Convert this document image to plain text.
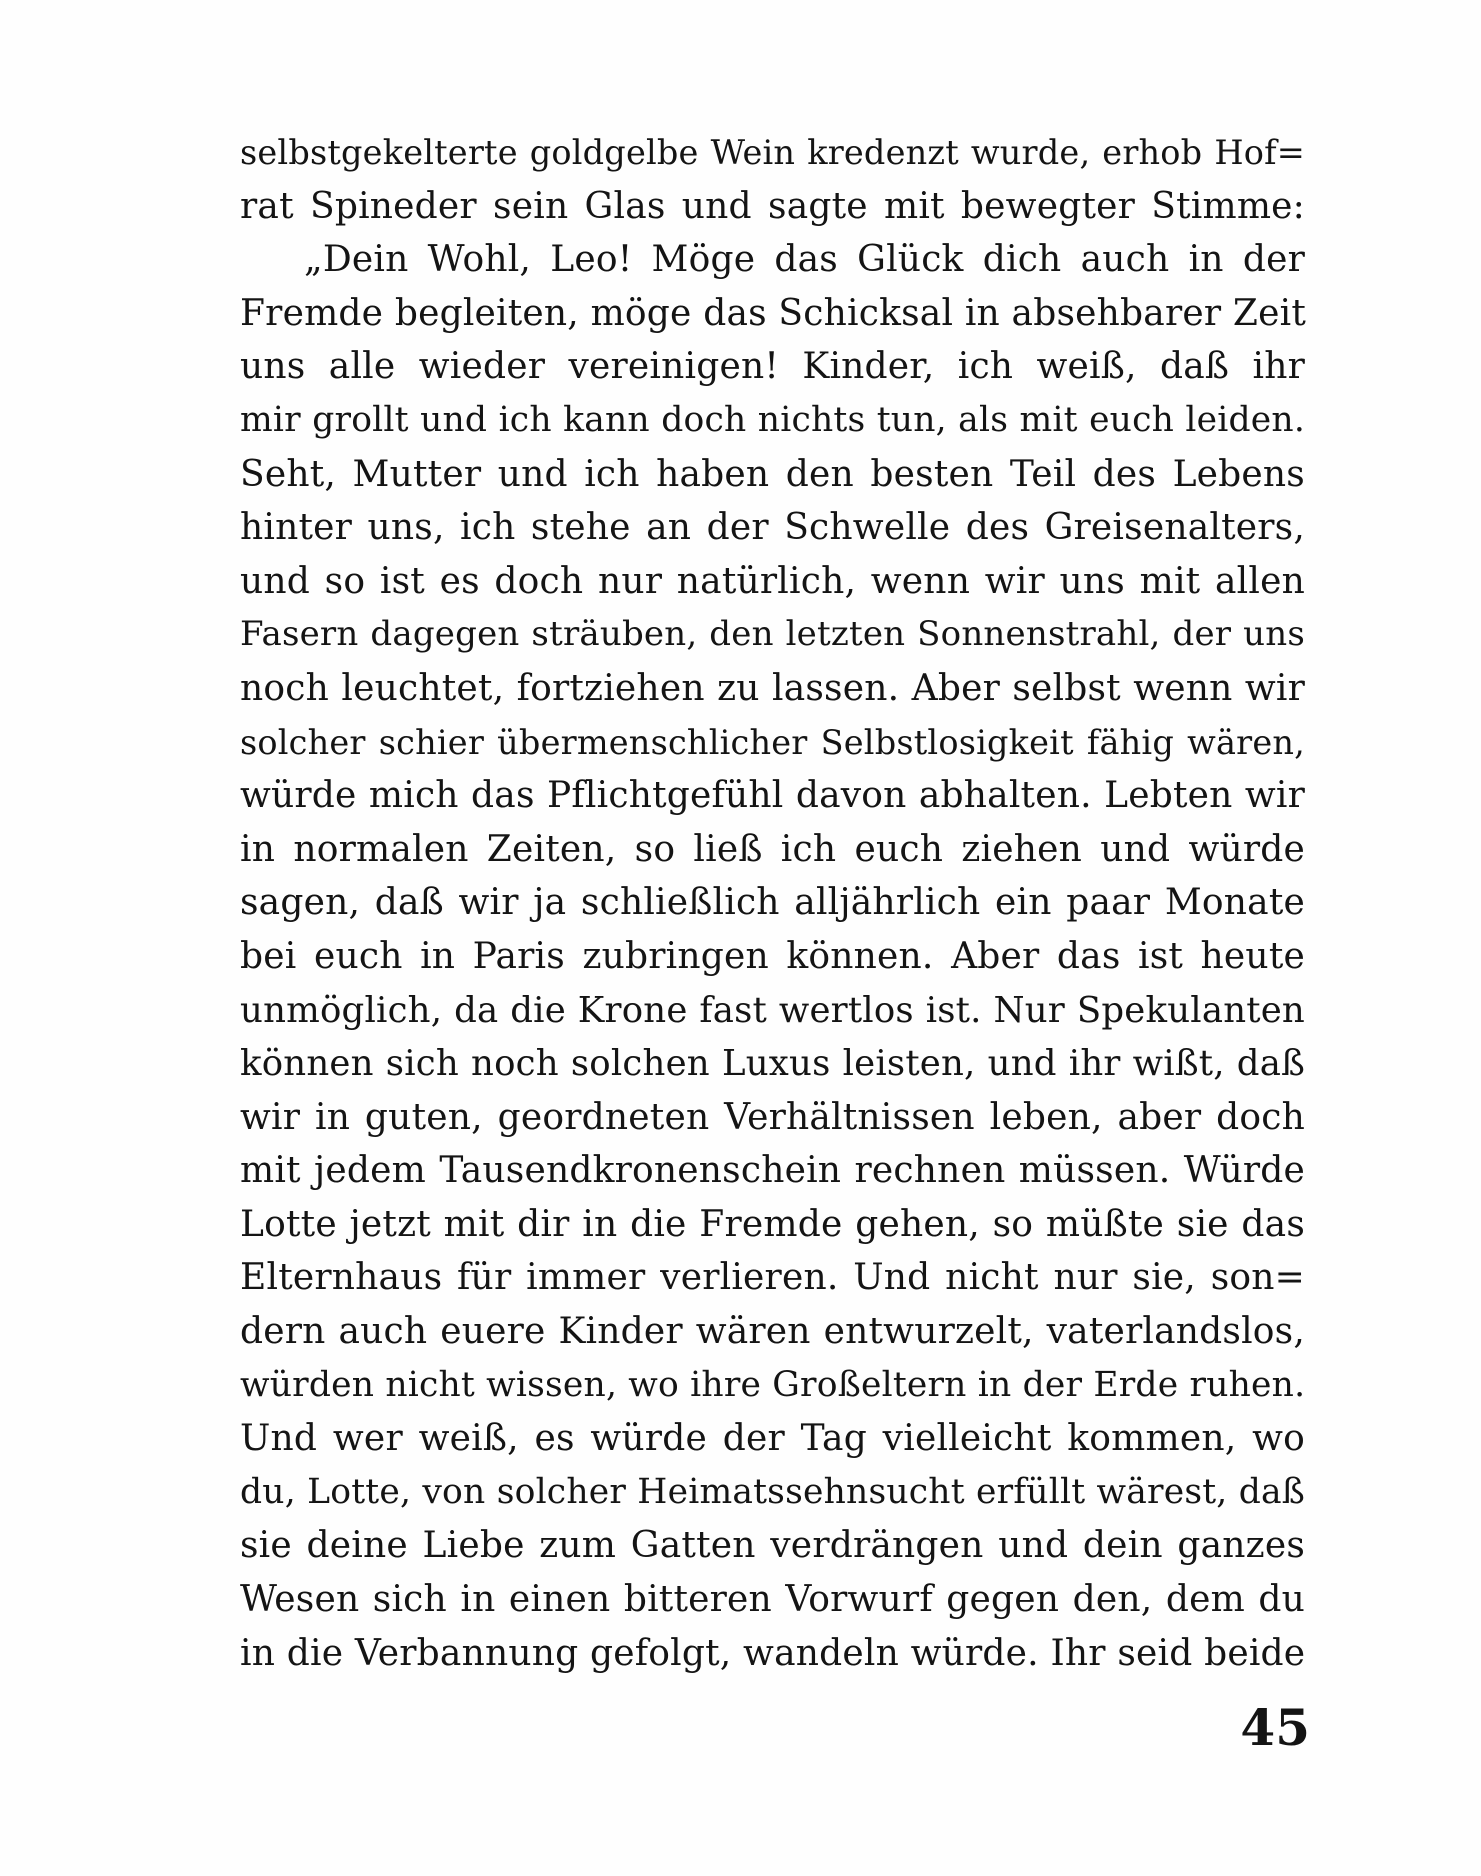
selbstgekelterte goldgelbe Wein kredenzt wurde, erhob Hof=
rat Spineder sein Glas und sagte mit bewegter Stimme:
„Dein Wohl, Leo! Möge das Glück dich auch in der
Fremde begleiten, möge das Schicksal in absehbarer Zeit
uns alle wieder vereinigen! Kinder, ich weiß, daß ihr
mir grollt und ich kann doch nichts tun, als mit euch leiden.
Seht, Mutter und ich haben den besten Teil des Lebens
hinter uns, ich stehe an der Schwelle des Greisenalters,
und so ist es doch nur natürlich, wenn wir uns mit allen
Fasern dagegen sträuben, den letzten Sonnenstrahl, der uns
noch leuchtet, fortziehen zu lassen. Aber selbst wenn wir
solcher schier übermenschlicher Selbstlosigkeit fähig wären,
würde mich das Pflichtgefühl davon abhalten. Lebten wir
in normalen Zeiten, so ließ ich euch ziehen und würde
sagen, daß wir ja schließlich alljährlich ein paar Monate
bei euch in Paris zubringen können. Aber das ist heute
unmöglich, da die Krone fast wertlos ist. Nur Spekulanten
können sich noch solchen Luxus leisten, und ihr wißt, daß
wir in guten, geordneten Verhältnissen leben, aber doch
mit jedem Tausendkronenschein rechnen müssen. Würde
Lotte jetzt mit dir in die Fremde gehen, so müßte sie das
Elternhaus für immer verlieren. Und nicht nur sie, son=
dern auch euere Kinder wären entwurzelt, vaterlandslos,
würden nicht wissen, wo ihre Großeltern in der Erde ruhen.
Und wer weiß, es würde der Tag vielleicht kommen, wo
du, Lotte, von solcher Heimatssehnsucht erfüllt wärest, daß
sie deine Liebe zum Gatten verdrängen und dein ganzes
Wesen sich in einen bitteren Vorwurf gegen den, dem du
in die Verbannung gefolgt, wandeln würde. Ihr seid beide
45
